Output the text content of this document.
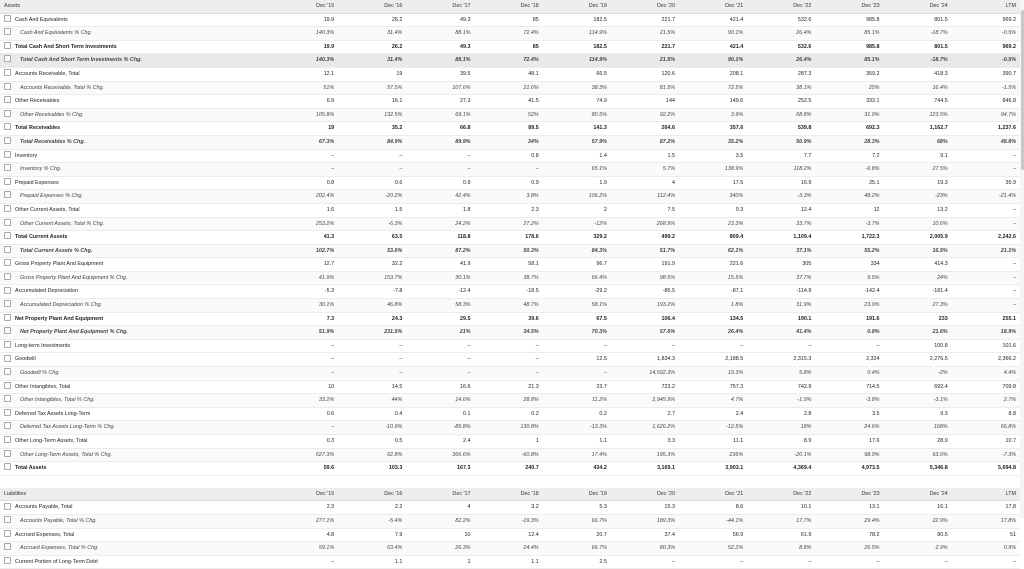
Assets	Dec '15	Dec '16	Dec '17	Dec '18	Dec '19	Dec '20	Dec '21	Dec '22	Dec '23	Dec '24	LTM
Cash And Equivalents	19.9	26.2	49.3	85	182.5	221.7	421.4	532.6	985.8	801.5	969.2
Cash And Equivalents % Chg.	140.3%	31.4%	88.1%	72.4%	114.9%	21.5%	90.1%	26.4%	85.1%	-18.7%	-0.5%
Total Cash And Short Term Investments	19.9	26.2	49.3	85	182.5	221.7	421.4	532.6	985.8	801.5	969.2
Total Cash And Short Term Investments % Chg.	140.3%	31.4%	88.1%	72.4%	114.9%	21.5%	90.1%	26.4%	85.1%	-18.7%	-0.5%
Accounts Receivable, Total	12.1	19	39.5	48.1	66.5	120.6	208.1	287.3	359.2	418.3	390.7
Accounts Receivable, Total % Chg.	51%	57.5%	107.6%	21.6%	38.3%	81.5%	72.5%	38.1%	25%	16.4%	-1.5%
Other Receivables	6.9	16.1	27.3	41.5	74.9	144	149.6	252.5	333.1	744.5	846.8
Other Receivables % Chg.	105.8%	132.5%	69.1%	52%	80.5%	92.2%	3.9%	68.8%	31.9%	123.5%	94.7%
Total Receivables	19	35.2	66.8	89.5	141.3	264.6	357.6	539.8	692.3	1,162.7	1,237.6
Total Receivables % Chg.	67.3%	84.9%	89.9%	34%	57.9%	87.2%	35.2%	50.9%	28.3%	68%	48.8%
Inventory	–	–	–	0.8	1.4	1.5	3.5	7.7	7.2	9.1	–
Inventory % Chg.	–	–	–	–	65.1%	5.7%	138.9%	118.2%	-6.8%	27.5%	–
Prepaid Expenses	0.8	0.6	0.9	0.9	1.9	4	17.5	16.9	25.1	19.3	35.9
Prepaid Expenses % Chg.	202.4%	-20.2%	42.4%	3.8%	106.2%	112.4%	340%	-3.3%	48.2%	-23%	-21.4%
Other Current Assets, Total	1.6	1.5	1.8	2.3	2	7.5	9.3	12.4	12	13.2	–
Other Current Assets, Total % Chg.	253.2%	-6.3%	24.2%	27.2%	-12%	268.9%	23.3%	33.7%	-3.7%	10.6%	–
Total Current Assets	41.3	63.5	118.8	178.6	329.2	499.2	809.4	1,109.4	1,722.3	2,005.9	2,242.6
Total Current Assets % Chg.	102.7%	53.6%	87.2%	50.3%	84.3%	51.7%	62.1%	37.1%	55.2%	16.5%	21.1%
Gross Property Plant And Equipment	12.7	32.2	41.9	58.1	96.7	191.9	221.6	305	334	414.3	–
Gross Property Plant And Equipment % Chg.	41.9%	153.7%	30.1%	38.7%	66.4%	98.5%	15.5%	37.7%	9.5%	24%	–
Accumulated Depreciation	-5.3	-7.8	-12.4	-18.5	-29.2	-85.5	-87.1	-114.9	-142.4	-181.4	–
Accumulated Depreciation % Chg.	30.1%	46.8%	58.3%	48.7%	58.1%	193.2%	1.8%	31.9%	23.9%	27.3%	–
Net Property Plant And Equipment	7.3	24.3	29.5	39.6	67.5	106.4	134.5	190.1	191.6	233	255.1
Net Property Plant And Equipment % Chg.	51.9%	231.5%	21%	34.5%	70.3%	57.6%	26.4%	41.4%	0.8%	21.6%	18.9%
Long-term Investments	–	–	–	–	–	–	–	–	–	100.8	101.6
Goodwill	–	–	–	–	12.5	1,834.3	2,188.5	2,315.3	2,324	2,276.5	2,366.2
Goodwill % Chg.	–	–	–	–	–	14,592.3%	19.3%	5.8%	0.4%	-2%	4.4%
Other Intangibles, Total	10	14.5	16.6	21.3	23.7	723.2	757.3	742.9	714.5	692.4	709.8
Other Intangibles, Total % Chg.	33.2%	44%	14.6%	28.8%	11.2%	2,945.9%	4.7%	-1.9%	-3.8%	-3.1%	2.7%
Deferred Tax Assets Long-Term	0.6	0.4	0.1	0.2	0.2	2.7	2.4	2.8	3.5	9.3	8.8
Deferred Tax Assets Long-Term % Chg.	–	-10.9%	-85.8%	130.8%	-13.3%	1,626.2%	-12.5%	18%	24.6%	168%	66.8%
Other Long-Term Assets, Total	0.3	0.5	2.4	1	1.1	3.3	11.1	8.9	17.6	28.9	10.7
Other Long-Term Assets, Total % Chg.	627.3%	62.8%	366.6%	-60.8%	17.4%	195.3%	236%	-20.1%	98.9%	63.6%	-7.3%
Total Assets	59.6	103.3	167.3	240.7	434.2	3,169.1	3,903.1	4,369.4	4,973.5	5,346.8	5,694.8

Liabilities	Dec '15	Dec '16	Dec '17	Dec '18	Dec '19	Dec '20	Dec '21	Dec '22	Dec '23	Dec '24	LTM
Accounts Payable, Total	2.3	2.2	4	3.2	5.3	15.3	8.6	10.1	13.1	16.1	17.8
Accounts Payable, Total % Chg.	277.1%	-5.4%	82.2%	-19.3%	66.7%	189.3%	-44.1%	17.7%	29.4%	22.9%	17.8%
Accrued Expenses, Total	4.8	7.9	10	12.4	20.7	37.4	56.9	61.9	78.2	80.5	51
Accrued Expenses, Total % Chg.	59.1%	63.4%	26.3%	24.4%	66.7%	80.3%	52.2%	8.8%	26.5%	2.9%	0.9%
Current Portion of Long-Term Debt	–	1.1	1	1.1	2.5	–	–	–	–	–	–
